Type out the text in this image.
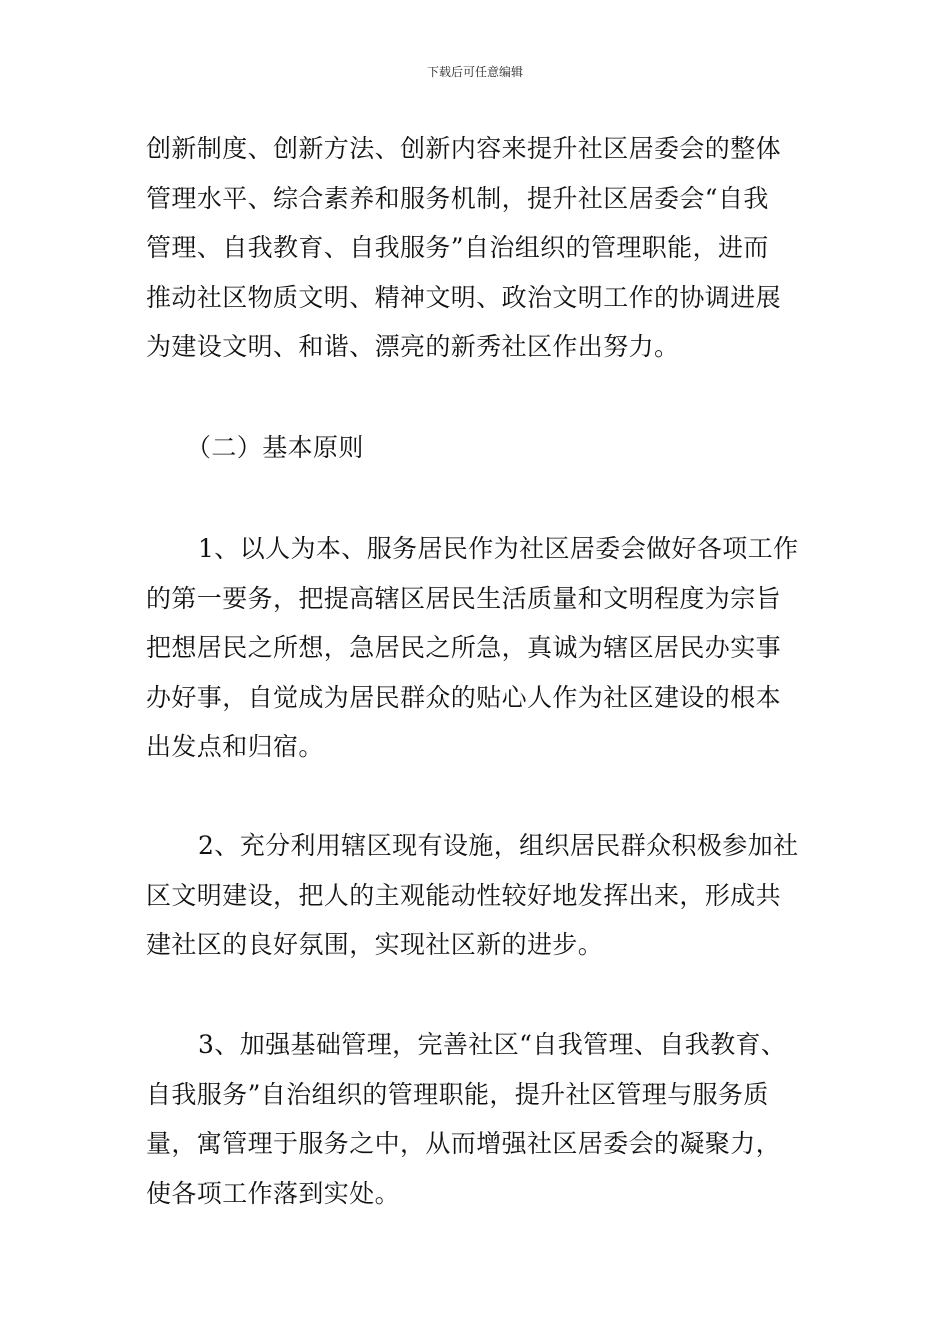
下载后可任意编辑
创新制度、创新方法、创新内容来提升社区居委会的整体
管理水平、综合素养和服务机制，提升社区居委会“自我
管理、自我教育、自我服务”自治组织的管理职能，进而
推动社区物质文明、精神文明、政治文明工作的协调进展
为建设文明、和谐、漂亮的新秀社区作出努力。
（二）基本原则
1、以人为本、服务居民作为社区居委会做好各项工作
的第一要务，把提高辖区居民生活质量和文明程度为宗旨
把想居民之所想，急居民之所急，真诚为辖区居民办实事
办好事，自觉成为居民群众的贴心人作为社区建设的根本
出发点和归宿。
2、充分利用辖区现有设施，组织居民群众积极参加社
区文明建设，把人的主观能动性较好地发挥出来，形成共
建社区的良好氛围，实现社区新的进步。
3、加强基础管理，完善社区“自我管理、自我教育、
自我服务”自治组织的管理职能，提升社区管理与服务质
量，寓管理于服务之中，从而增强社区居委会的凝聚力，
使各项工作落到实处。
